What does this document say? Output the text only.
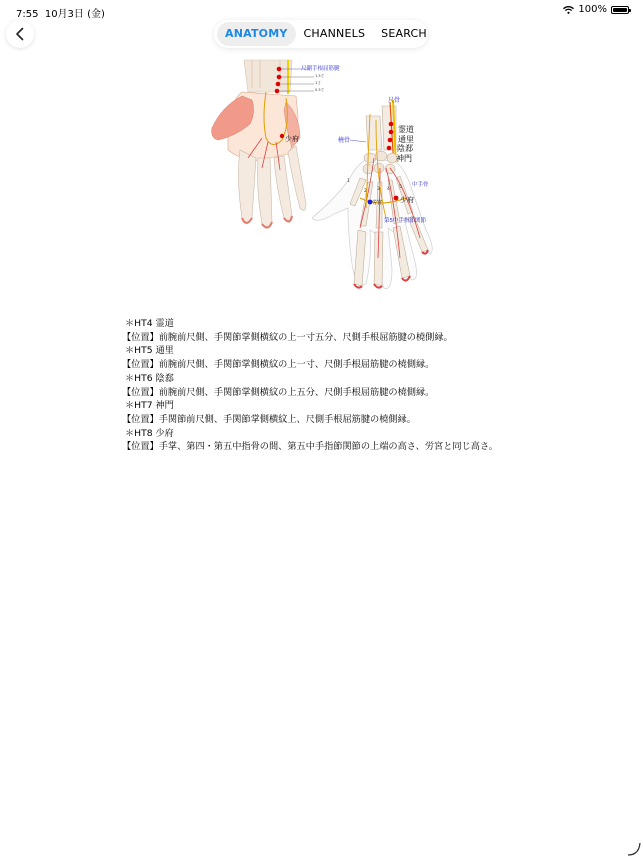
7:55 10月3日 (金)	100%
ANATOMY	CHANNELS	SEARCH
尺側手根屈筋腱
1.5寸
1寸
0.5寸
少府
尺骨
橈骨
霊道
通里
陰郄
神門
中手骨
少府
労宮
第5中手指節関節
1
2 3 4 5
＊HT4 霊道
【位置】前腕前尺側、手関節掌側横紋の上一寸五分、尺側手根屈筋腱の橈側縁。
＊HT5 通里
【位置】前腕前尺側、手関節掌側横紋の上一寸、尺側手根屈筋腱の橈側縁。
＊HT6 陰郄
【位置】前腕前尺側、手関節掌側横紋の上五分、尺側手根屈筋腱の橈側縁。
＊HT7 神門
【位置】手関節前尺側、手関節掌側横紋上、尺側手根屈筋腱の橈側縁。
＊HT8 少府
【位置】手掌、第四・第五中指骨の間、第五中手指節関節の上端の高さ、労宮と同じ高さ。
